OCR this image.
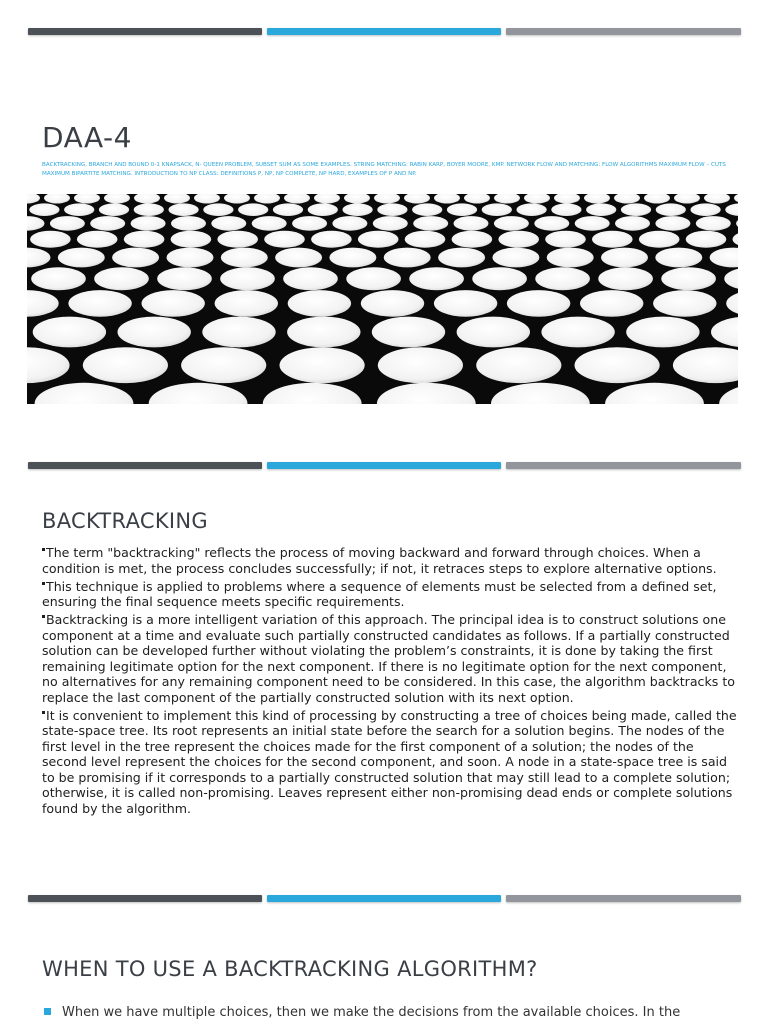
DAA-4
BACKTRACKING, BRANCH AND BOUND 0-1 KNAPSACK, N- QUEEN PROBLEM, SUBSET SUM AS SOME EXAMPLES. STRING MATCHING: RABIN KARP, BOYER MOORE, KMP. NETWORK FLOW AND MATCHING: FLOW ALGORITHMS MAXIMUM FLOW – CUTS MAXIMUM BIPARTITE MATCHING. INTRODUCTION TO NP CLASS: DEFINITIONS P, NP, NP COMPLETE, NP HARD, EXAMPLES OF P AND NP.
BACKTRACKING

The term "backtracking" reflects the process of moving backward and forward through choices. When a condition is met, the process concludes successfully; if not, it retraces steps to explore alternative options.

This technique is applied to problems where a sequence of elements must be selected from a defined set, ensuring the final sequence meets specific requirements.

Backtracking is a more intelligent variation of this approach. The principal idea is to construct solutions one component at a time and evaluate such partially constructed candidates as follows. If a partially constructed solution can be developed further without violating the problem’s constraints, it is done by taking the first remaining legitimate option for the next component. If there is no legitimate option for the next component, no alternatives for any remaining component need to be considered. In this case, the algorithm backtracks to replace the last component of the partially constructed solution with its next option.

It is convenient to implement this kind of processing by constructing a tree of choices being made, called the state-space tree. Its root represents an initial state before the search for a solution begins. The nodes of the first level in the tree represent the choices made for the first component of a solution; the nodes of the second level represent the choices for the second component, and soon. A node in a state-space tree is said to be promising if it corresponds to a partially constructed solution that may still lead to a complete solution; otherwise, it is called non-promising. Leaves represent either non-promising dead ends or complete solutions found by the algorithm.

WHEN TO USE A BACKTRACKING ALGORITHM?
When we have multiple choices, then we make the decisions from the available choices. In the
